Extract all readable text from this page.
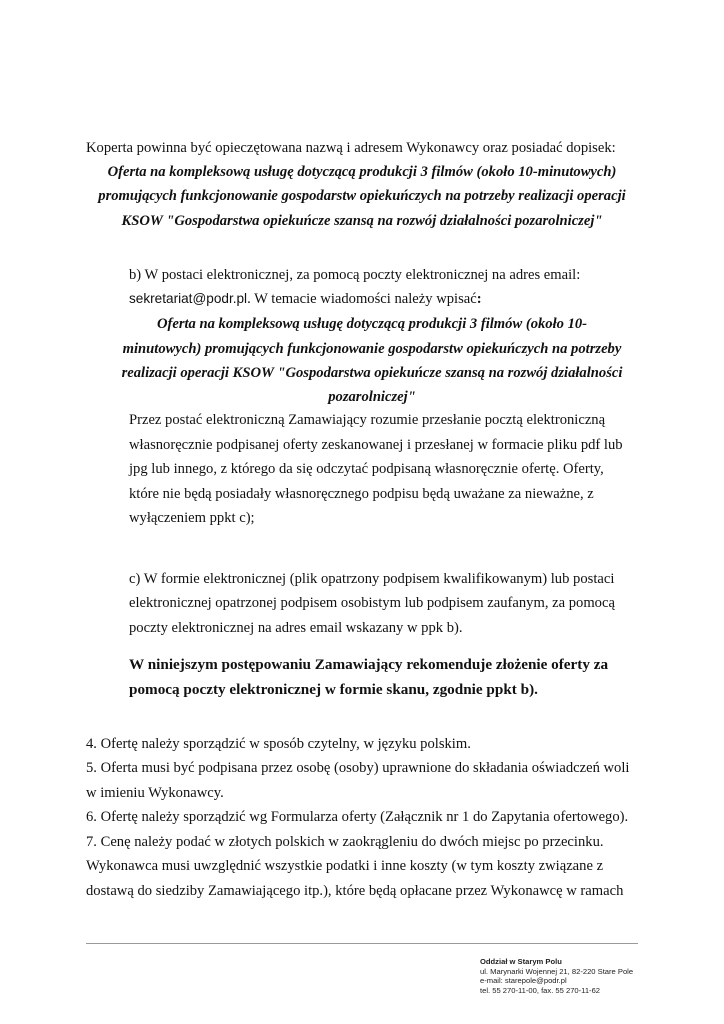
Koperta powinna być opieczętowana nazwą i adresem Wykonawcy oraz posiadać dopisek:
Oferta na kompleksową usługę dotyczącą produkcji 3 filmów (około 10-minutowych)
promujących funkcjonowanie gospodarstw opiekuńczych na potrzeby realizacji operacji
KSOW "Gospodarstwa opiekuńcze szansą na rozwój działalności pozarolniczej"
b) W postaci elektronicznej, za pomocą poczty elektronicznej na adres email:
sekretariat@podr.pl. W temacie wiadomości należy wpisać:
Oferta na kompleksową usługę dotyczącą produkcji 3 filmów (około 10-
minutowych) promujących funkcjonowanie gospodarstw opiekuńczych na potrzeby
realizacji operacji KSOW "Gospodarstwa opiekuńcze szansą na rozwój działalności
pozarolniczej"
Przez postać elektroniczną Zamawiający rozumie przesłanie pocztą elektroniczną
własnoręcznie podpisanej oferty zeskanowanej i przesłanej w formacie pliku pdf lub
jpg lub innego, z którego da się odczytać podpisaną własnoręcznie ofertę. Oferty,
które nie będą posiadały własnoręcznego podpisu będą uważane za nieważne, z
wyłączeniem ppkt c);
c) W formie elektronicznej (plik opatrzony podpisem kwalifikowanym) lub postaci
elektronicznej opatrzonej podpisem osobistym lub podpisem zaufanym, za pomocą
poczty elektronicznej na adres email wskazany w ppk b).
W niniejszym postępowaniu Zamawiający rekomenduje złożenie oferty za
pomocą poczty elektronicznej w formie skanu, zgodnie ppkt b).
4. Ofertę należy sporządzić w sposób czytelny, w języku polskim.
5. Oferta musi być podpisana przez osobę (osoby) uprawnione do składania oświadczeń woli
w imieniu Wykonawcy.
6. Ofertę należy sporządzić wg Formularza oferty (Załącznik nr 1 do Zapytania ofertowego).
7. Cenę należy podać w złotych polskich w zaokrągleniu do dwóch miejsc po przecinku.
Wykonawca musi uwzględnić wszystkie podatki i inne koszty (w tym koszty związane z
dostawą do siedziby Zamawiającego itp.), które będą opłacane przez Wykonawcę w ramach
Oddział w Starym Polu
ul. Marynarki Wojennej 21, 82-220 Stare Pole
e-mail: starepole@podr.pl
tel. 55 270-11-00, fax. 55 270-11-62
